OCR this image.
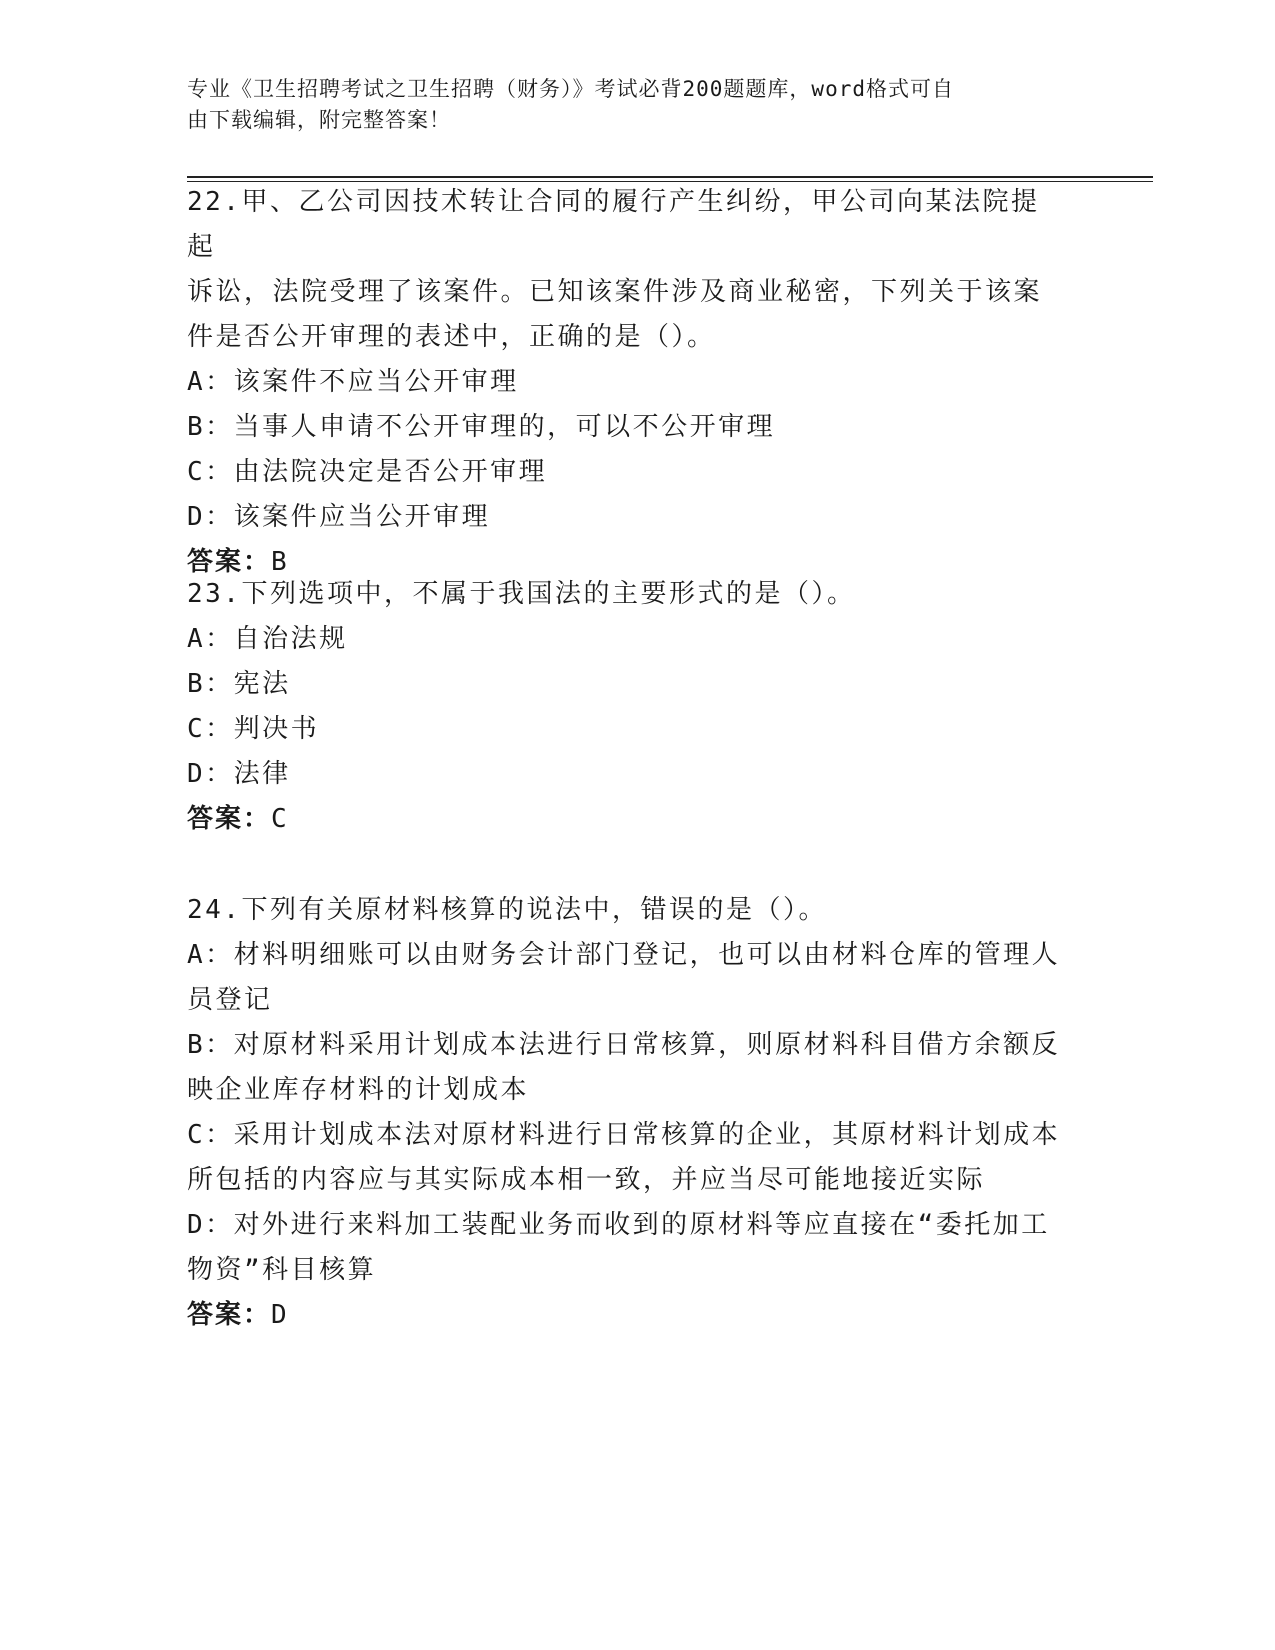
专业《卫生招聘考试之卫生招聘（财务）》考试必背200题题库，word格式可自
由下载编辑，附完整答案！
22.甲、乙公司因技术转让合同的履行产生纠纷，甲公司向某法院提起
诉讼，法院受理了该案件。已知该案件涉及商业秘密，下列关于该案
件是否公开审理的表述中，正确的是（）。
A：该案件不应当公开审理
B：当事人申请不公开审理的，可以不公开审理
C：由法院决定是否公开审理
D：该案件应当公开审理
答案：B
23.下列选项中，不属于我国法的主要形式的是（）。
A：自治法规
B：宪法
C：判决书
D：法律
答案：C
24.下列有关原材料核算的说法中，错误的是（）。
A：材料明细账可以由财务会计部门登记，也可以由材料仓库的管理人
员登记
B：对原材料采用计划成本法进行日常核算，则原材料科目借方余额反
映企业库存材料的计划成本
C：采用计划成本法对原材料进行日常核算的企业，其原材料计划成本
所包括的内容应与其实际成本相一致，并应当尽可能地接近实际
D：对外进行来料加工装配业务而收到的原材料等应直接在“委托加工
物资”科目核算
答案：D
